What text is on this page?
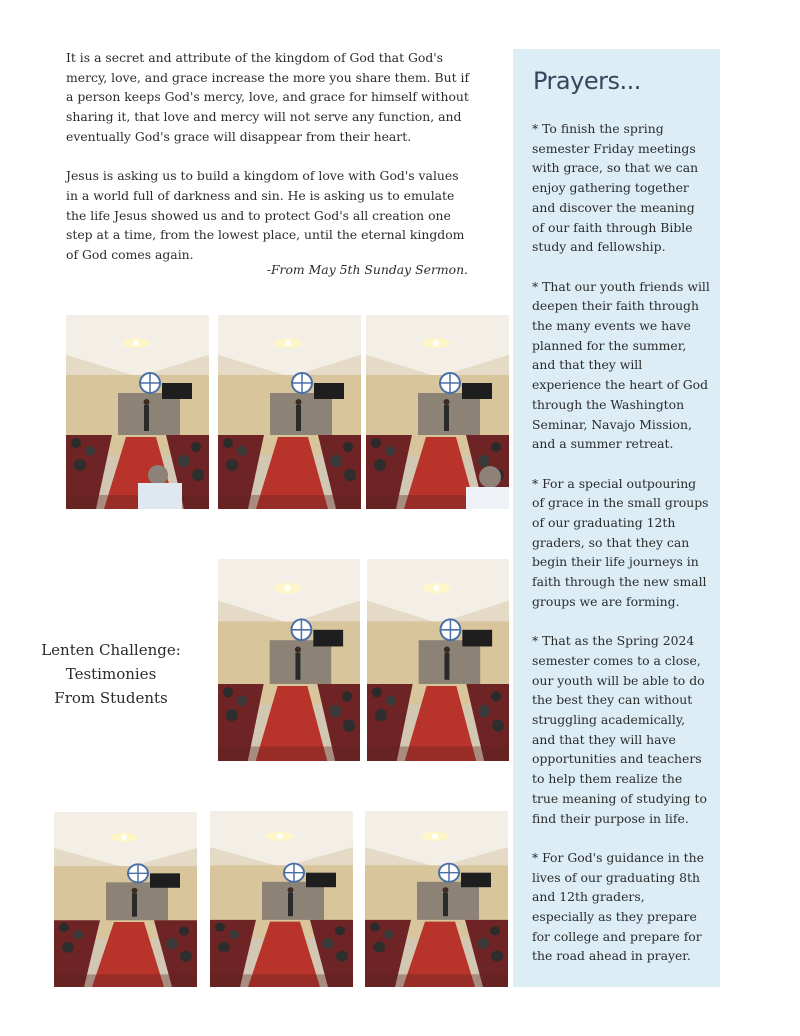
It is a secret and attribute of the kingdom of God that God's mercy, love, and grace increase the more you share them. But if a person keeps God's mercy, love, and grace for himself without sharing it, that love and mercy will not serve any function, and eventually God's grace will disappear from their heart.

Jesus is asking us to build a kingdom of love with God's values in a world full of darkness and sin. He is asking us to emulate the life Jesus showed us and to protect God's all creation one step at a time, from the lowest place, until the eternal kingdom of God comes again.

-From May 5th Sunday Sermon.
Prayers...

* To finish the spring semester Friday meetings with grace, so that we can enjoy gathering together and discover the meaning of our faith through Bible study and fellowship.

* That our youth friends will deepen their faith through the many events we have planned for the summer, and that they will experience the heart of God through the Washington Seminar, Navajo Mission, and a summer retreat.

* For a special outpouring of grace in the small groups of our graduating 12th graders, so that they can begin their life journeys in faith through the new small groups we are forming.

* That as the Spring 2024 semester comes to a close, our youth will be able to do the best they can without struggling academically, and that they will have opportunities and teachers to help them realize the true meaning of studying to find their purpose in life.

* For God's guidance in the lives of our graduating 8th and 12th graders, especially as they prepare for college and prepare for the road ahead in prayer.

Lenten Challenge:
Testimonies
From Students
